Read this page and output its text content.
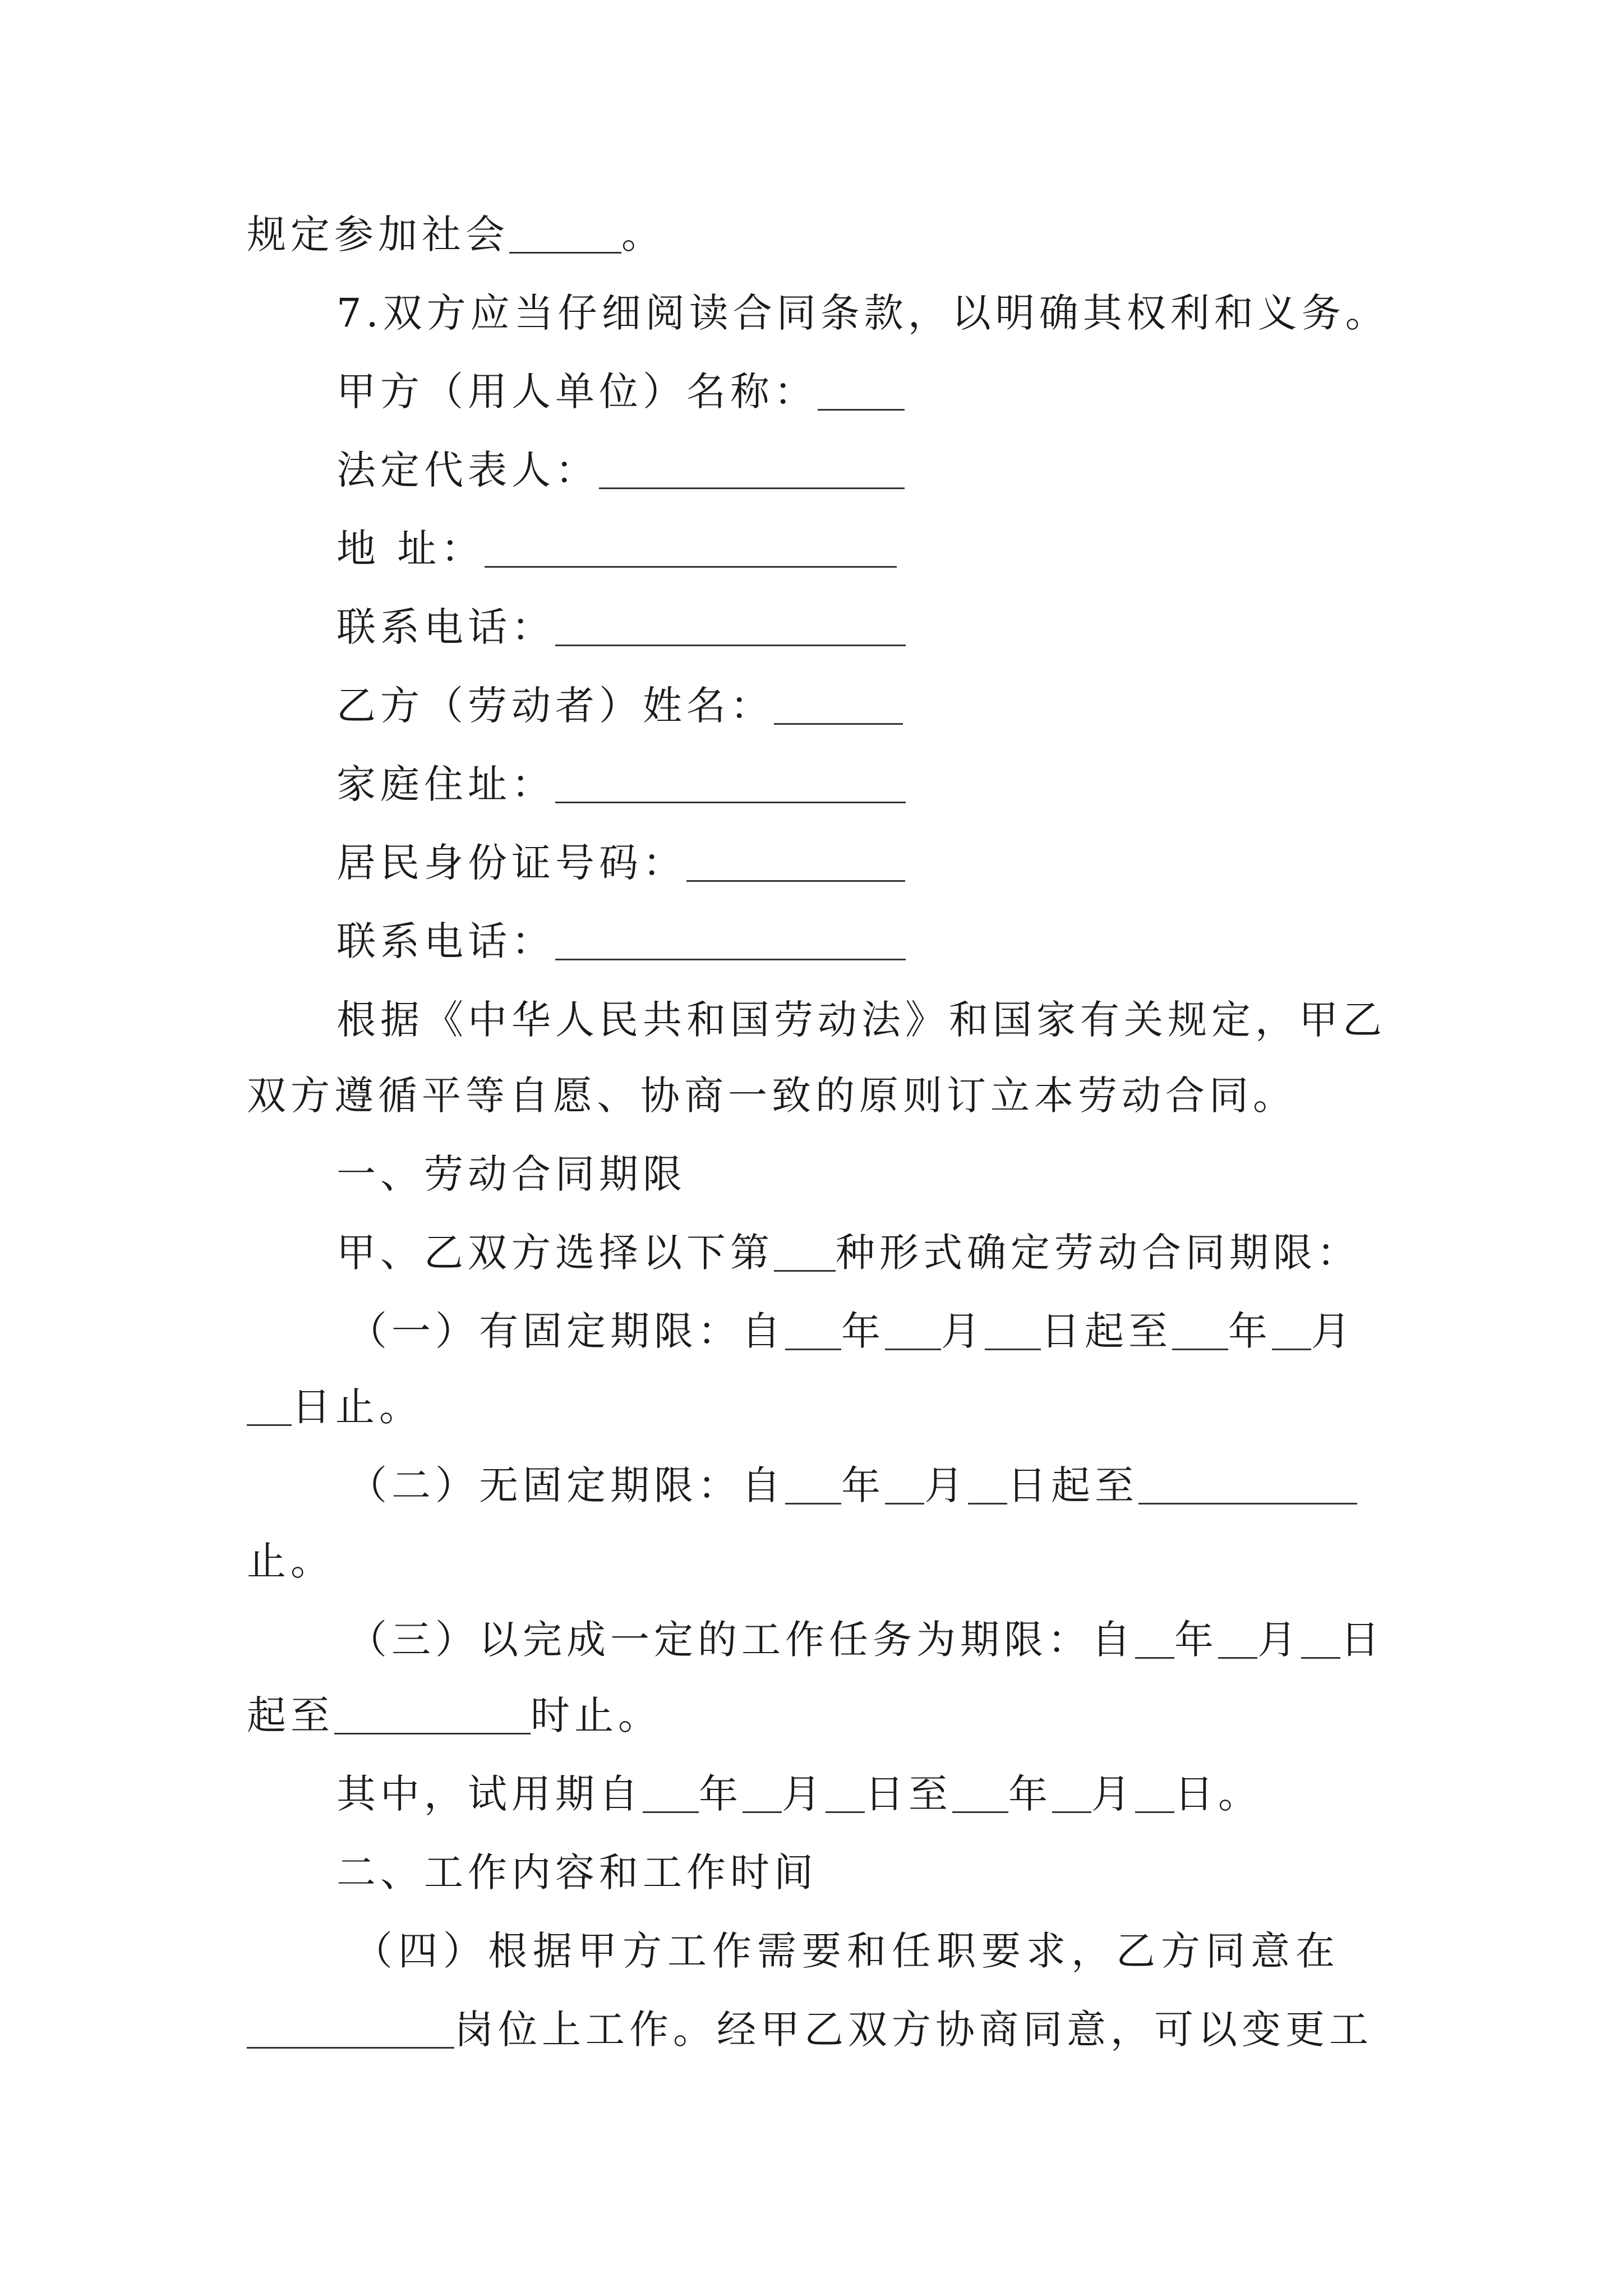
规定参加社会	。
7.双方应当仔细阅读合同条款，以明确其权利和义务。
甲方（用人单位）名称：
法定代表人：
地 址：
联系电话：
乙方（劳动者）姓名：
家庭住址：
居民身份证号码：
联系电话：
根据《中华人民共和国劳动法》和国家有关规定，甲乙
双方遵循平等自愿、协商一致的原则订立本劳动合同。
一、劳动合同期限
甲、乙双方选择以下第 种形式确定劳动合同期限：
（一）有固定期限：自 年 月 日起至 年 月
日止。
（二）无固定期限：自 年 月 日起至
止。
（三）以完成一定的工作任务为期限：自 年 月 日
起至	时止。
其中，试用期自 年 月 日至 年 月 日。
二、工作内容和工作时间
（四）根据甲方工作需要和任职要求，乙方同意在
岗位上工作。经甲乙双方协商同意，可以变更工
